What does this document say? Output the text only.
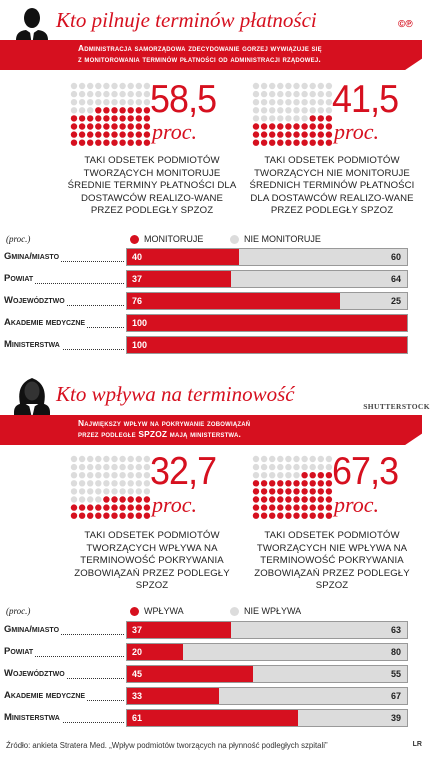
Kto pilnuje terminów płatności	©℗
Administracja samorządowa zdecydowanie gorzej wywiązuje się
z monitorowania terminów płatności od administracji rządowej.
58,5
proc.
TAKI ODSETEK PODMIOTÓW TWORZĄCYCH MONITORUJE ŚREDNIE TERMINY PŁATNOŚCI DLA DOSTAWCÓW REALIZO-WANE PRZEZ PODLEGŁY SPZOZ
41,5
proc.
TAKI ODSETEK PODMIOTÓW TWORZĄCYCH NIE MONITORUJE ŚREDNICH TERMINÓW PŁATNOŚCI DLA DOSTAWCÓW REALIZO-WANE PRZEZ PODLEGŁY SPZOZ
(proc.)	MONITORUJE	NIE MONITORUJE
Gmina/miasto	40	60
Powiat	37	64
Województwo	76	25
Akademie medyczne	100
Ministerstwa	100
Kto wpływa na terminowość
SHUTTERSTOCK
Największy wpływ na pokrywanie zobowiązań
przez podległe SPZOZ mają ministerstwa.
32,7
proc.
TAKI ODSETEK PODMIOTÓW TWORZĄCYCH WPŁYWA NA TERMINOWOŚĆ POKRYWANIA ZOBOWIĄZAŃ PRZEZ PODLEGŁY SPZOZ
67,3
proc.
TAKI ODSETEK PODMIOTÓW TWORZĄCYCH NIE WPŁYWA NA TERMINOWOŚĆ POKRYWANIA ZOBOWIĄZAŃ PRZEZ PODLEGŁY SPZOZ
(proc.)	WPŁYWA	NIE WPŁYWA
Gmina/miasto	37	63
Powiat	20	80
Województwo	45	55
Akademie medyczne	33	67
Ministerstwa	61	39
Źródło: ankieta Stratera Med. „Wpływ podmiotów tworzących na płynność podległych szpitali”	LR
